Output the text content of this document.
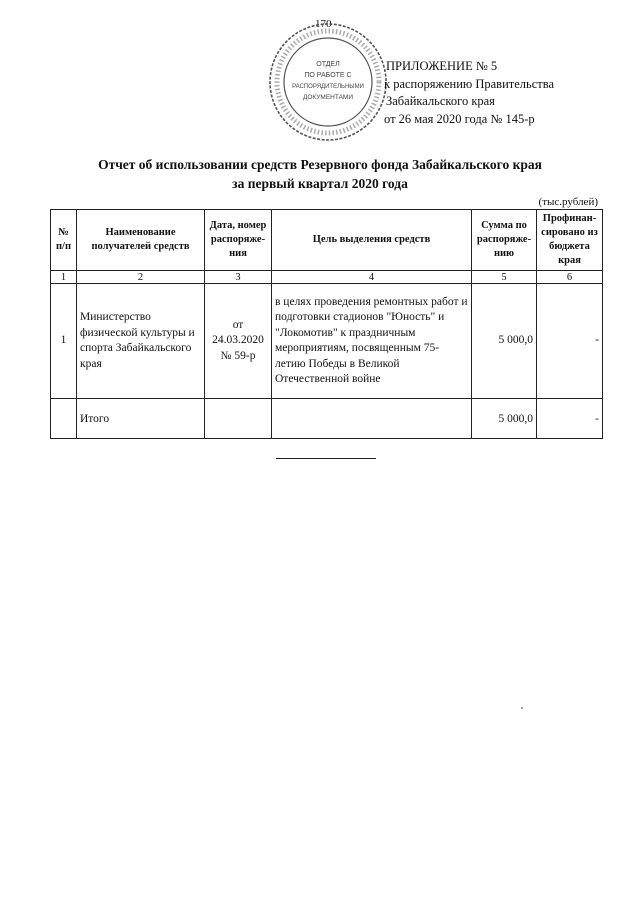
170
ОТДЕЛ
ПО РАБОТЕ С
РАСПОРЯДИТЕЛЬНЫМИ
ДОКУМЕНТАМИ
ПРИЛОЖЕНИЕ № 5
к распоряжению Правительства
Забайкальского края
от 26 мая 2020 года № 145-р
Отчет об использовании средств Резервного фонда Забайкальского края
за первый квартал 2020 года
(тыс.рублей)
№ п/п	Наименование получателей средств	Дата, номер распоряже-ния	Цель выделения средств	Сумма по распоряже-нию	Профинан-сировано из бюджета края
1	2	3	4	5	6
1	Министерство физической культуры и спорта Забайкальского края	от 24.03.2020 № 59-р	в целях проведения ремонтных работ и подготовки стадионов "Юность" и "Локомотив" к праздничным мероприятиям, посвященным 75-летию Победы в Великой Отечественной войне	5 000,0	-
	Итого			5 000,0	-
